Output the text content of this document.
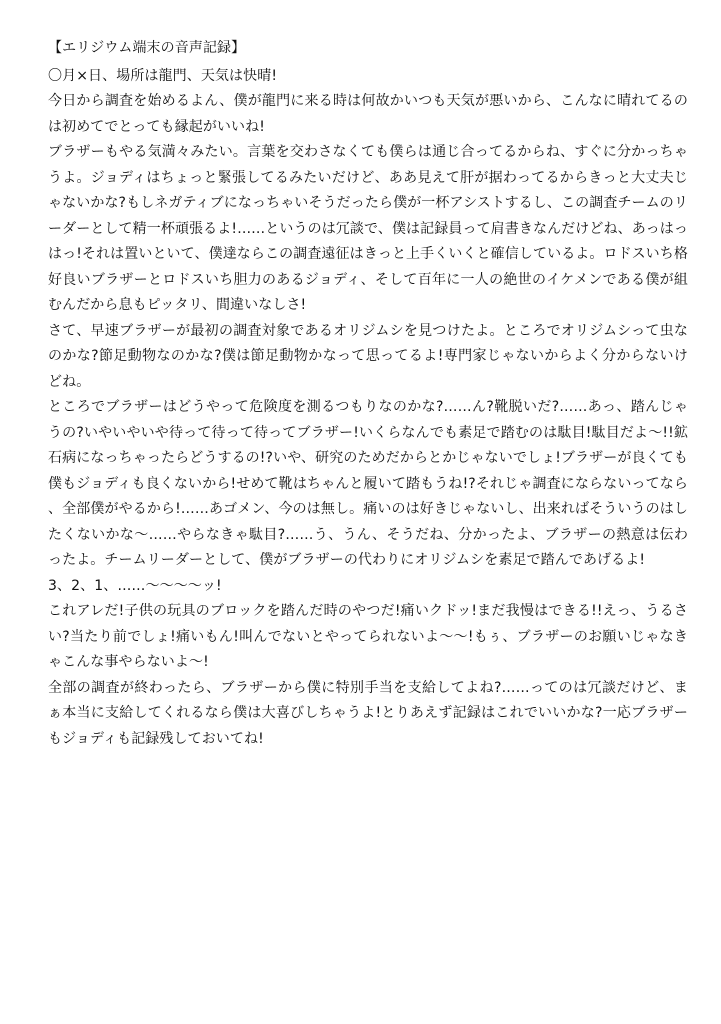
【エリジウム端末の音声記録】

〇月×日、場所は龍門、天気は快晴!

今日から調査を始めるよん、僕が龍門に来る時は何故かいつも天気が悪いから、こんなに晴れてるのは初めてでとっても縁起がいいね!

ブラザーもやる気満々みたい。言葉を交わさなくても僕らは通じ合ってるからね、すぐに分かっちゃうよ。ジョディはちょっと緊張してるみたいだけど、ああ見えて肝が据わってるからきっと大丈夫じゃないかな?もしネガティブになっちゃいそうだったら僕が一杯アシストするし、この調査チームのリーダーとして精一杯頑張るよ!……というのは冗談で、僕は記録員って肩書きなんだけどね、あっはっはっ!それは置いといて、僕達ならこの調査遠征はきっと上手くいくと確信しているよ。ロドスいち格好良いブラザーとロドスいち胆力のあるジョディ、そして百年に一人の絶世のイケメンである僕が組むんだから息もピッタリ、間違いなしさ!

さて、早速ブラザーが最初の調査対象であるオリジムシを見つけたよ。ところでオリジムシって虫なのかな?節足動物なのかな?僕は節足動物かなって思ってるよ!専門家じゃないからよく分からないけどね。

ところでブラザーはどうやって危険度を測るつもりなのかな?……ん?靴脱いだ?……あっ、踏んじゃうの?いやいやいや待って待って待ってブラザー!いくらなんでも素足で踏むのは駄目!駄目だよ～!!鉱石病になっちゃったらどうするの!?いや、研究のためだからとかじゃないでしょ!ブラザーが良くても僕もジョディも良くないから!せめて靴はちゃんと履いて踏もうね!?それじゃ調査にならないってなら、全部僕がやるから!……あゴメン、今のは無し。痛いのは好きじゃないし、出来ればそういうのはしたくないかな～……やらなきゃ駄目?……う、うん、そうだね、分かったよ、ブラザーの熱意は伝わったよ。チームリーダーとして、僕がブラザーの代わりにオリジムシを素足で踏んであげるよ!

3、2、1、……～～～～ッ!

これアレだ!子供の玩具のブロックを踏んだ時のやつだ!痛いクドッ!まだ我慢はできる!!えっ、うるさい?当たり前でしょ!痛いもん!叫んでないとやってられないよ～～!もぅ、ブラザーのお願いじゃなきゃこんな事やらないよ～!

全部の調査が終わったら、ブラザーから僕に特別手当を支給してよね?……ってのは冗談だけど、まぁ本当に支給してくれるなら僕は大喜びしちゃうよ!とりあえず記録はこれでいいかな?一応ブラザーもジョディも記録残しておいてね!
